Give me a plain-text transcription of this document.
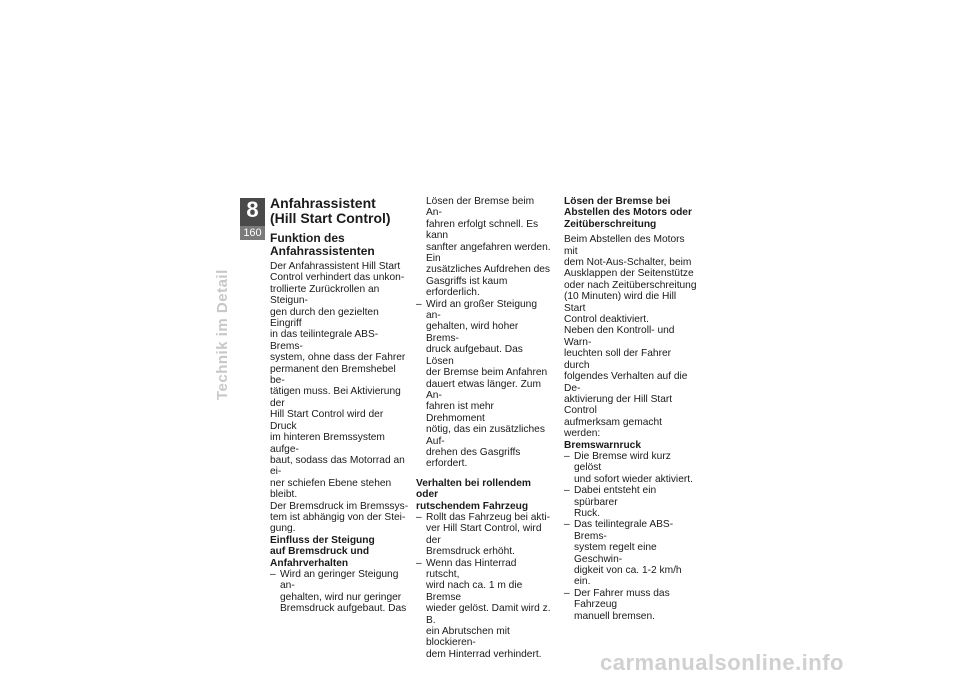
8
160
Technik im Detail
Anfahrassistent
(Hill Start Control)
Funktion des
Anfahrassistenten

Der Anfahrassistent Hill Start
Control verhindert das unkon-
trollierte Zurückrollen an Steigun-
gen durch den gezielten Eingriff
in das teilintegrale ABS-Brems-
system, ohne dass der Fahrer
permanent den Bremshebel be-
tätigen muss. Bei Aktivierung der
Hill Start Control wird der Druck
im hinteren Bremssystem aufge-
baut, sodass das Motorrad an ei-
ner schiefen Ebene stehen bleibt.
Der Bremsdruck im Bremssys-
tem ist abhängig von der Stei-
gung.

Einfluss der Steigung
auf Bremsdruck und
Anfahrverhalten
– Wird an geringer Steigung an-
gehalten, wird nur geringer
Bremsdruck aufgebaut. Das

Lösen der Bremse beim An-
fahren erfolgt schnell. Es kann
sanfter angefahren werden. Ein
zusätzliches Aufdrehen des
Gasgriffs ist kaum erforderlich.

– Wird an großer Steigung an-
gehalten, wird hoher Brems-
druck aufgebaut. Das Lösen
der Bremse beim Anfahren
dauert etwas länger. Zum An-
fahren ist mehr Drehmoment
nötig, das ein zusätzliches Auf-
drehen des Gasgriffs erfordert.
Verhalten bei rollendem oder
rutschendem Fahrzeug
– Rollt das Fahrzeug bei akti-
ver Hill Start Control, wird der
Bremsdruck erhöht.
– Wenn das Hinterrad rutscht,
wird nach ca. 1 m die Bremse
wieder gelöst. Damit wird z. B.
ein Abrutschen mit blockieren-
dem Hinterrad verhindert.
Lösen der Bremse bei
Abstellen des Motors oder
Zeitüberschreitung

Beim Abstellen des Motors mit
dem Not-Aus-Schalter, beim
Ausklappen der Seitenstütze
oder nach Zeitüberschreitung
(10 Minuten) wird die Hill Start
Control deaktiviert.
Neben den Kontroll- und Warn-
leuchten soll der Fahrer durch
folgendes Verhalten auf die De-
aktivierung der Hill Start Control
aufmerksam gemacht werden:

Bremswarnruck
– Die Bremse wird kurz gelöst
und sofort wieder aktiviert.
– Dabei entsteht ein spürbarer
Ruck.
– Das teilintegrale ABS-Brems-
system regelt eine Geschwin-
digkeit von ca. 1-2 km/h ein.
– Der Fahrer muss das Fahrzeug
manuell bremsen.
carmanualsonline.info
